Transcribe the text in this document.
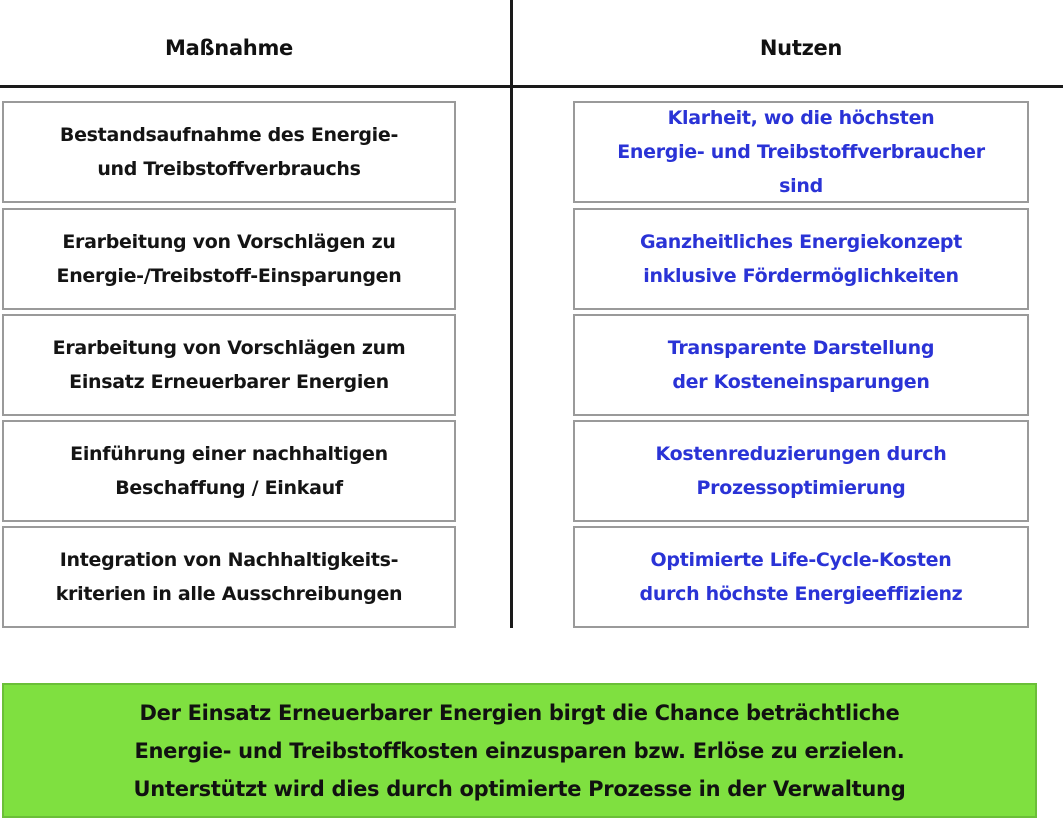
Maßnahme	Nutzen
Bestandsaufnahme des Energie-
und Treibstoffverbrauchs
Klarheit, wo die höchsten
Energie- und Treibstoffverbraucher
sind
Erarbeitung von Vorschlägen zu
Energie-/Treibstoff-Einsparungen
Ganzheitliches Energiekonzept
inklusive Fördermöglichkeiten
Erarbeitung von Vorschlägen zum
Einsatz Erneuerbarer Energien
Transparente Darstellung
der Kosteneinsparungen
Einführung einer nachhaltigen
Beschaffung / Einkauf
Kostenreduzierungen durch
Prozessoptimierung
Integration von Nachhaltigkeits-
kriterien in alle Ausschreibungen
Optimierte Life-Cycle-Kosten
durch höchste Energieeffizienz
Der Einsatz Erneuerbarer Energien birgt die Chance beträchtliche
Energie- und Treibstoffkosten einzusparen bzw. Erlöse zu erzielen.
Unterstützt wird dies durch optimierte Prozesse in der Verwaltung
